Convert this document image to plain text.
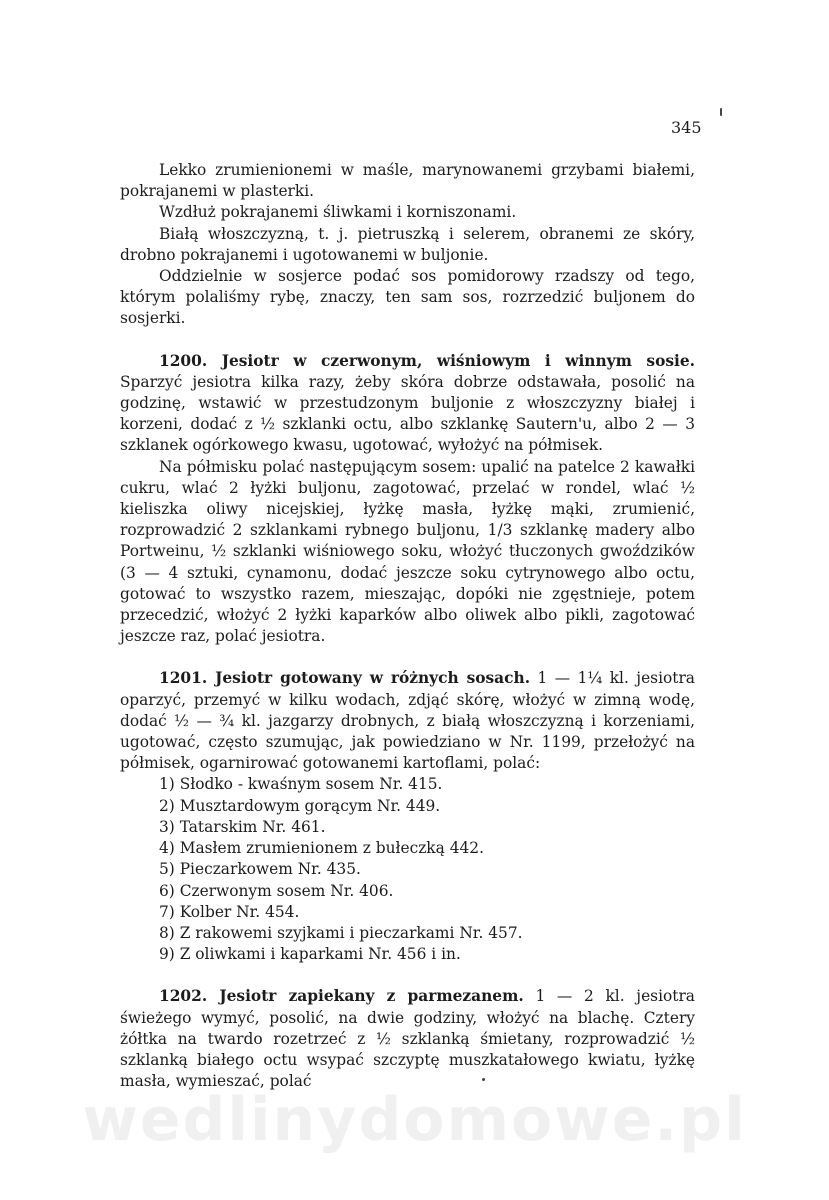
345

Lekko zrumienionemi w maśle, marynowanemi grzybami białemi, pokrajanemi w plasterki.

Wzdłuż pokrajanemi śliwkami i korniszonami.

Białą włoszczyzną, t. j. pietruszką i selerem, obranemi ze skóry, drobno pokrajanemi i ugotowanemi w buljonie.

Oddzielnie w sosjerce podać sos pomidorowy rzadszy od tego, którym polaliśmy rybę, znaczy, ten sam sos, rozrzedzić buljonem do sosjerki.

1200. Jesiotr w czerwonym, wiśniowym i winnym sosie. Sparzyć jesiotra kilka razy, żeby skóra dobrze odstawała, posolić na godzinę, wstawić w przestudzonym buljonie z włoszczyzny białej i korzeni, dodać z ½ szklanki octu, albo szklankę Sautern'u, albo 2 — 3 szklanek ogórkowego kwasu, ugotować, wyłożyć na półmisek.

Na półmisku polać następującym sosem: upalić na patelce 2 kawałki cukru, wlać 2 łyżki buljonu, zagotować, przelać w rondel, wlać ½ kieliszka oliwy nicejskiej, łyżkę masła, łyżkę mąki, zrumienić, rozprowadzić 2 szklankami rybnego buljonu, 1/3 szklankę madery albo Portweinu, ½ szklanki wiśniowego soku, włożyć tłuczonych gwoździków (3 — 4 sztuki, cynamonu, dodać jeszcze soku cytrynowego albo octu, gotować to wszystko razem, mieszając, dopóki nie zgęstnieje, potem przecedzić, włożyć 2 łyżki kaparków albo oliwek albo pikli, zagotować jeszcze raz, polać jesiotra.

1201. Jesiotr gotowany w różnych sosach. 1 — 1¼ kl. jesiotra oparzyć, przemyć w kilku wodach, zdjąć skórę, włożyć w zimną wodę, dodać ½ — ¾ kl. jazgarzy drobnych, z białą włoszczyzną i korzeniami, ugotować, często szumując, jak powiedziano w Nr. 1199, przełożyć na półmisek, ogarnirować gotowanemi kartoflami, polać:

1) Słodko - kwaśnym sosem Nr. 415.
2) Musztardowym gorącym Nr. 449.
3) Tatarskim Nr. 461.
4) Masłem zrumienionem z bułeczką 442.
5) Pieczarkowem Nr. 435.
6) Czerwonym sosem Nr. 406.
7) Kolber Nr. 454.
8) Z rakowemi szyjkami i pieczarkami Nr. 457.
9) Z oliwkami i kaparkami Nr. 456 i in.

1202. Jesiotr zapiekany z parmezanem. 1 — 2 kl. jesiotra świeżego wymyć, posolić, na dwie godziny, włożyć na blachę. Cztery żółtka na twardo rozetrzeć z ½ szklanką śmietany, rozprowadzić ½ szklanką białego octu wsypać szczyptę muszkatałowego kwiatu, łyżkę masła, wymieszać, polać

wedlinydomowe.pl
